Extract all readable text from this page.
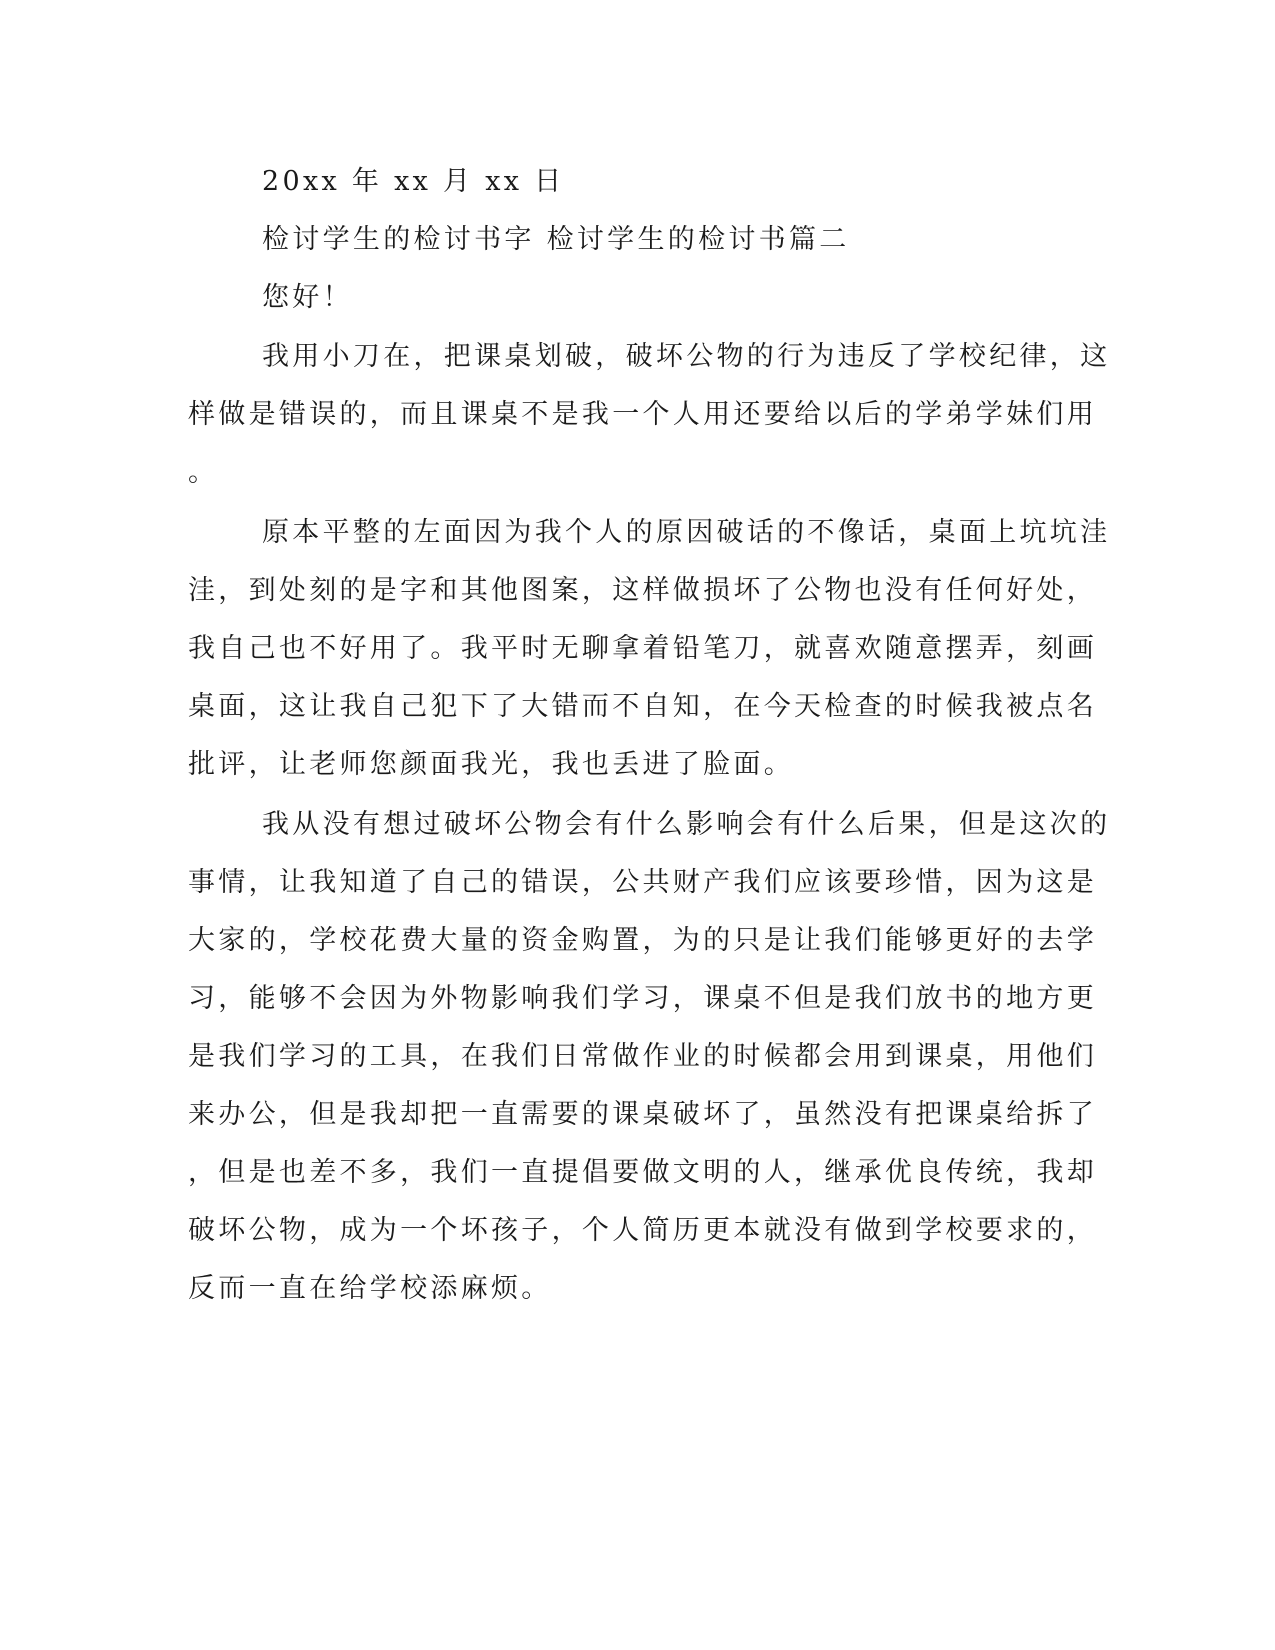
20xx 年 xx 月 xx 日
检讨学生的检讨书字 检讨学生的检讨书篇二
您好！
我用小刀在，把课桌划破，破坏公物的行为违反了学校纪律，这
样做是错误的，而且课桌不是我一个人用还要给以后的学弟学妹们用
。
原本平整的左面因为我个人的原因破话的不像话，桌面上坑坑洼
洼，到处刻的是字和其他图案，这样做损坏了公物也没有任何好处，
我自己也不好用了。我平时无聊拿着铅笔刀，就喜欢随意摆弄，刻画
桌面，这让我自己犯下了大错而不自知，在今天检查的时候我被点名
批评，让老师您颜面我光，我也丢进了脸面。
我从没有想过破坏公物会有什么影响会有什么后果，但是这次的
事情，让我知道了自己的错误，公共财产我们应该要珍惜，因为这是
大家的，学校花费大量的资金购置，为的只是让我们能够更好的去学
习，能够不会因为外物影响我们学习，课桌不但是我们放书的地方更
是我们学习的工具，在我们日常做作业的时候都会用到课桌，用他们
来办公，但是我却把一直需要的课桌破坏了，虽然没有把课桌给拆了
，但是也差不多，我们一直提倡要做文明的人，继承优良传统，我却
破坏公物，成为一个坏孩子，个人简历更本就没有做到学校要求的，
反而一直在给学校添麻烦。
